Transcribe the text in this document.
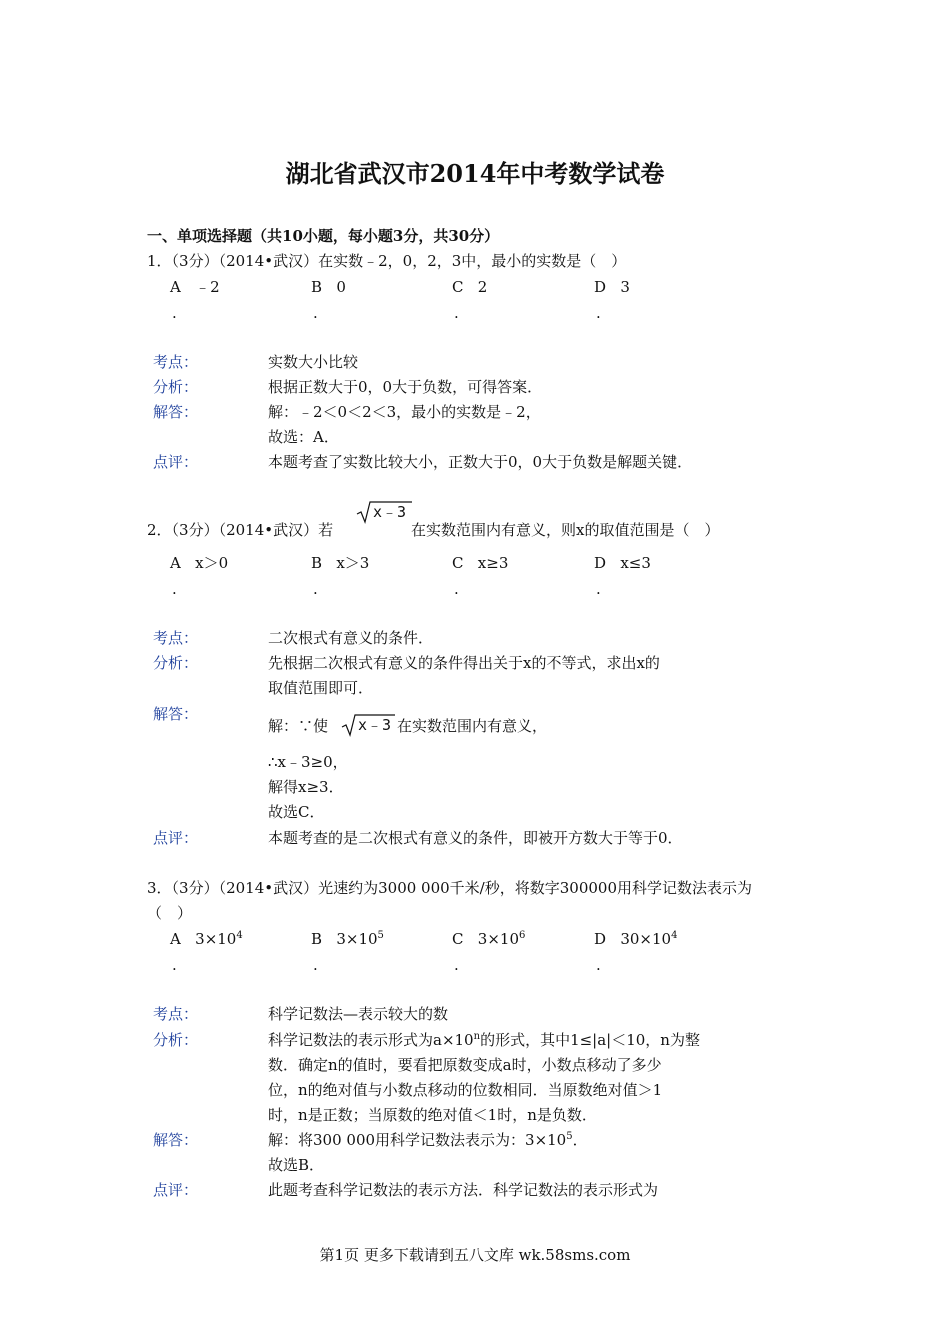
湖北省武汉市2014年中考数学试卷
一、单项选择题（共10小题，每小题3分，共30分）
1．（3分）（2014•武汉）在实数﹣2，0，2，3中，最小的实数是（　）
A ﹣2	B 0	C 2	D 3
.	.	.	.
考点：	实数大小比较
分析：	根据正数大于0，0大于负数，可得答案．
解答：	解：﹣2＜0＜2＜3，最小的实数是﹣2，
故选：A．
点评：	本题考查了实数比较大小，正数大于0，0大于负数是解题关键．
2．（3分）（2014•武汉）若
x﹣3
在实数范围内有意义，则x的取值范围是（　）
A x＞0	B x＞3	C x≥3	D x≤3
.	.	.	.
考点：	二次根式有意义的条件．
分析：	先根据二次根式有意义的条件得出关于x的不等式，求出x的
取值范围即可．
解答：
解：∵使 x﹣3 在实数范围内有意义，
∴x﹣3≥0，
解得x≥3．
故选C．
点评：	本题考查的是二次根式有意义的条件，即被开方数大于等于0．
3．（3分）（2014•武汉）光速约为3000 000千米/秒，将数字300000用科学记数法表示为
（　）
A $3\times 10^4$	B $3\times 10^5$	C $3\times 10^6$	D $30\times 10^4$
.	.	.	.
考点：	科学记数法—表示较大的数
分析：	科学记数法的表示形式为$a\times 10^n$的形式，其中1≤|a|＜10，n为整
数．确定n的值时，要看把原数变成a时，小数点移动了多少
位，n的绝对值与小数点移动的位数相同．当原数绝对值＞1
时，n是正数；当原数的绝对值＜1时，n是负数．
解答：	解：将300 000用科学记数法表示为：$3\times 10^5$．
故选B．
点评：	此题考查科学记数法的表示方法．科学记数法的表示形式为
第1页 更多下载请到五八文库 wk.58sms.com
